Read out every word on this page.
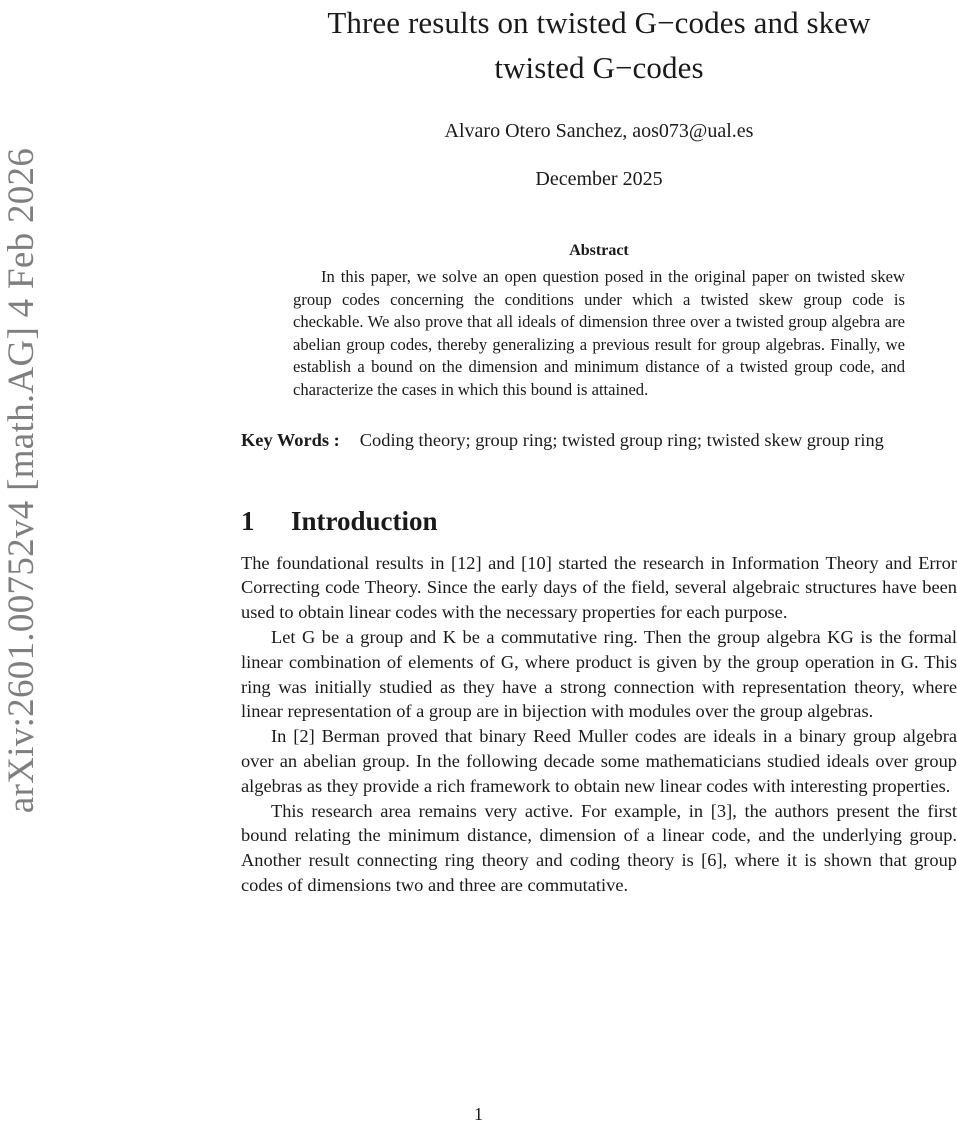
arXiv:2601.00752v4 [math.AG] 4 Feb 2026
Three results on twisted G−codes and skew
twisted G−codes
Alvaro Otero Sanchez, aos073@ual.es
December 2025
Abstract
In this paper, we solve an open question posed in the original paper on twisted skew group codes concerning the conditions under which a twisted skew group code is checkable. We also prove that all ideals of dimension three over a twisted group algebra are abelian group codes, thereby generalizing a previous result for group algebras. Finally, we establish a bound on the dimension and minimum distance of a twisted group code, and characterize the cases in which this bound is attained.
Key Words : Coding theory; group ring; twisted group ring; twisted skew group ring
1 Introduction

The foundational results in [12] and [10] started the research in Information Theory and Error Correcting code Theory. Since the early days of the field, several algebraic structures have been used to obtain linear codes with the necessary properties for each purpose.

Let G be a group and K be a commutative ring. Then the group algebra KG is the formal linear combination of elements of G, where product is given by the group operation in G. This ring was initially studied as they have a strong connection with representation theory, where linear representation of a group are in bijection with modules over the group algebras.

In [2] Berman proved that binary Reed Muller codes are ideals in a binary group algebra over an abelian group. In the following decade some mathematicians studied ideals over group algebras as they provide a rich framework to obtain new linear codes with interesting properties.

This research area remains very active. For example, in [3], the authors present the first bound relating the minimum distance, dimension of a linear code, and the underlying group. Another result connecting ring theory and coding theory is [6], where it is shown that group codes of dimensions two and three are commutative.

1
